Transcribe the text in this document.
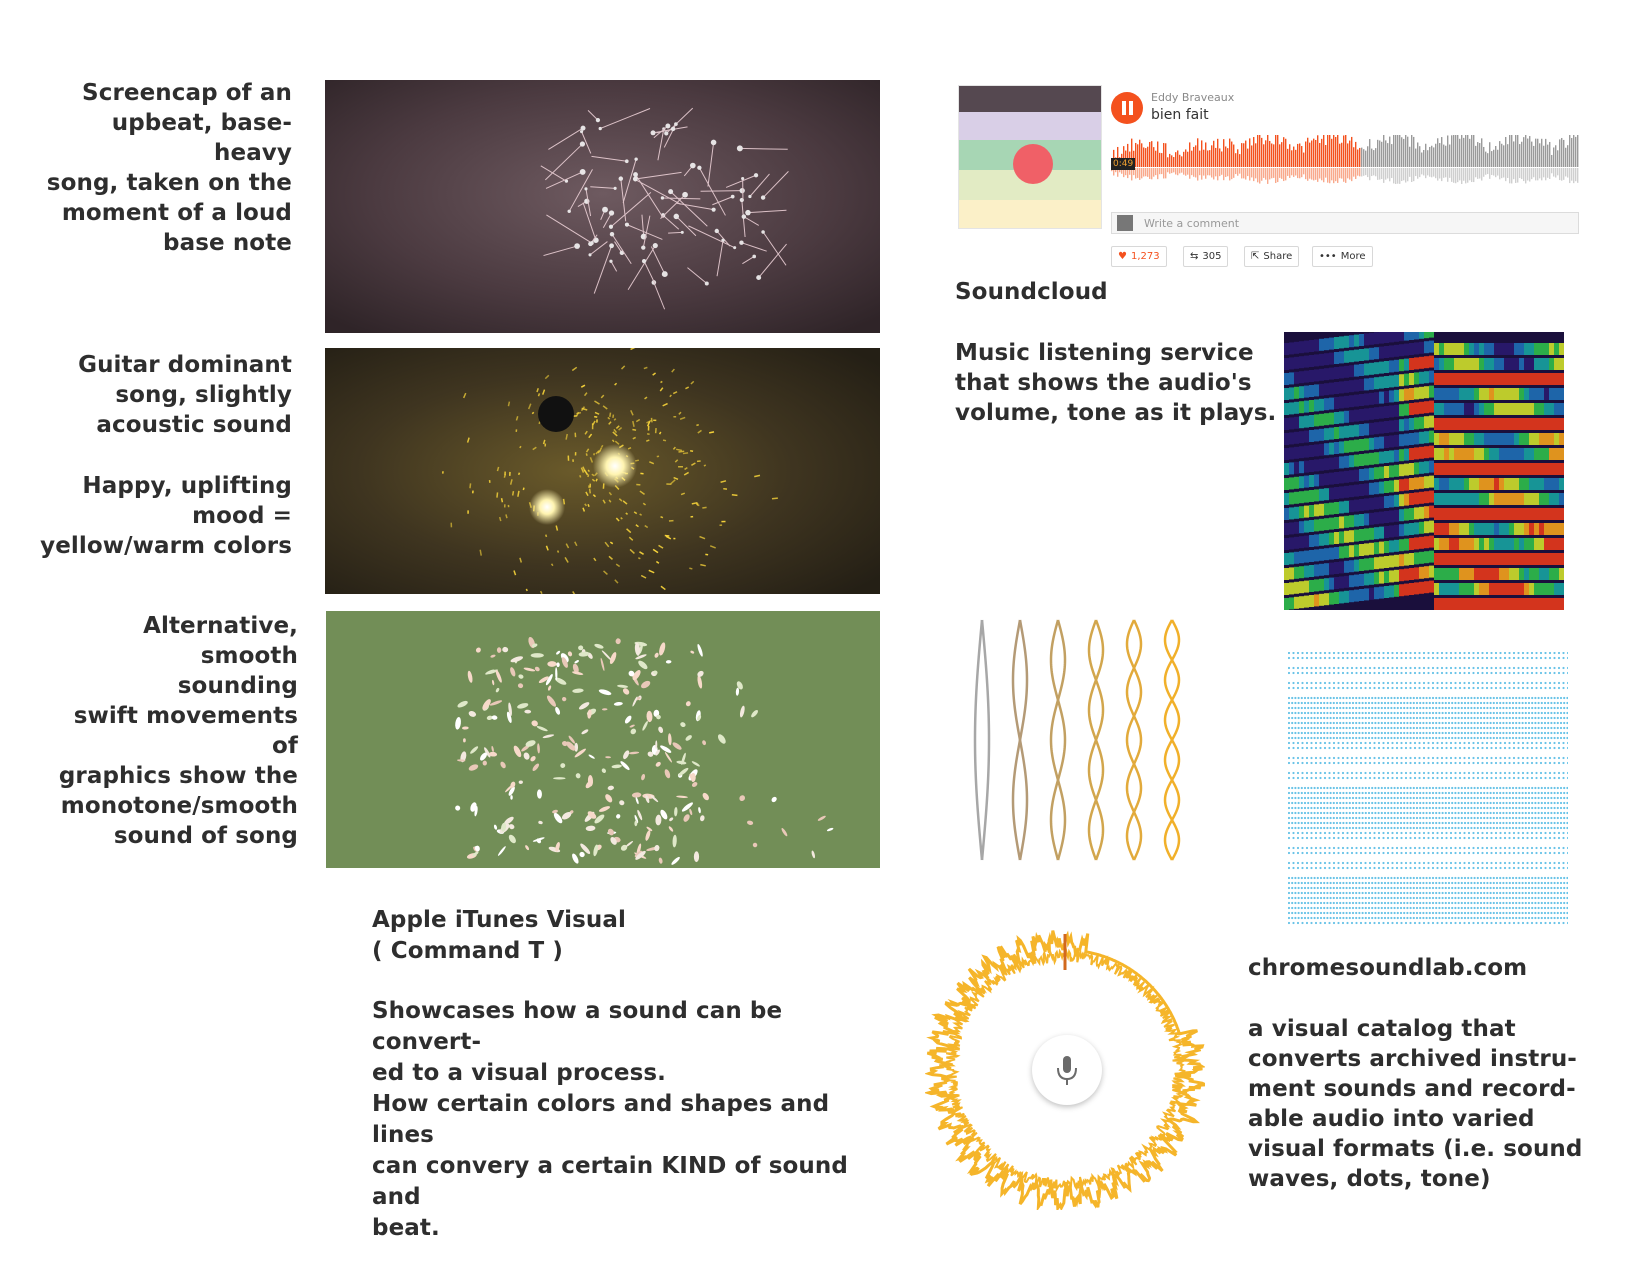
Screencap of an
upbeat, base-heavy
song, taken on the
moment of a loud
base note
Guitar dominant
song, slightly
acoustic sound
Happy, uplifting
mood =
yellow/warm colors
Alternative, smooth
sounding
swift movements of
graphics show the
monotone/smooth
sound of song
Apple iTunes Visual
( Command T )
Showcases how a sound can be convert-
ed to a visual process.
How certain colors and shapes and lines
can convery a certain KIND of sound and
beat.
Eddy Braveaux
bien fait
0:49
Write a comment
♥ 1,273	⇆ 305	⇱ Share	••• More
Soundcloud
Music listening service
that shows the audio's
volume, tone as it plays.
chromesoundlab.com
a visual catalog that
converts archived instru-
ment sounds and record-
able audio into varied
visual formats (i.e. sound
waves, dots, tone)
